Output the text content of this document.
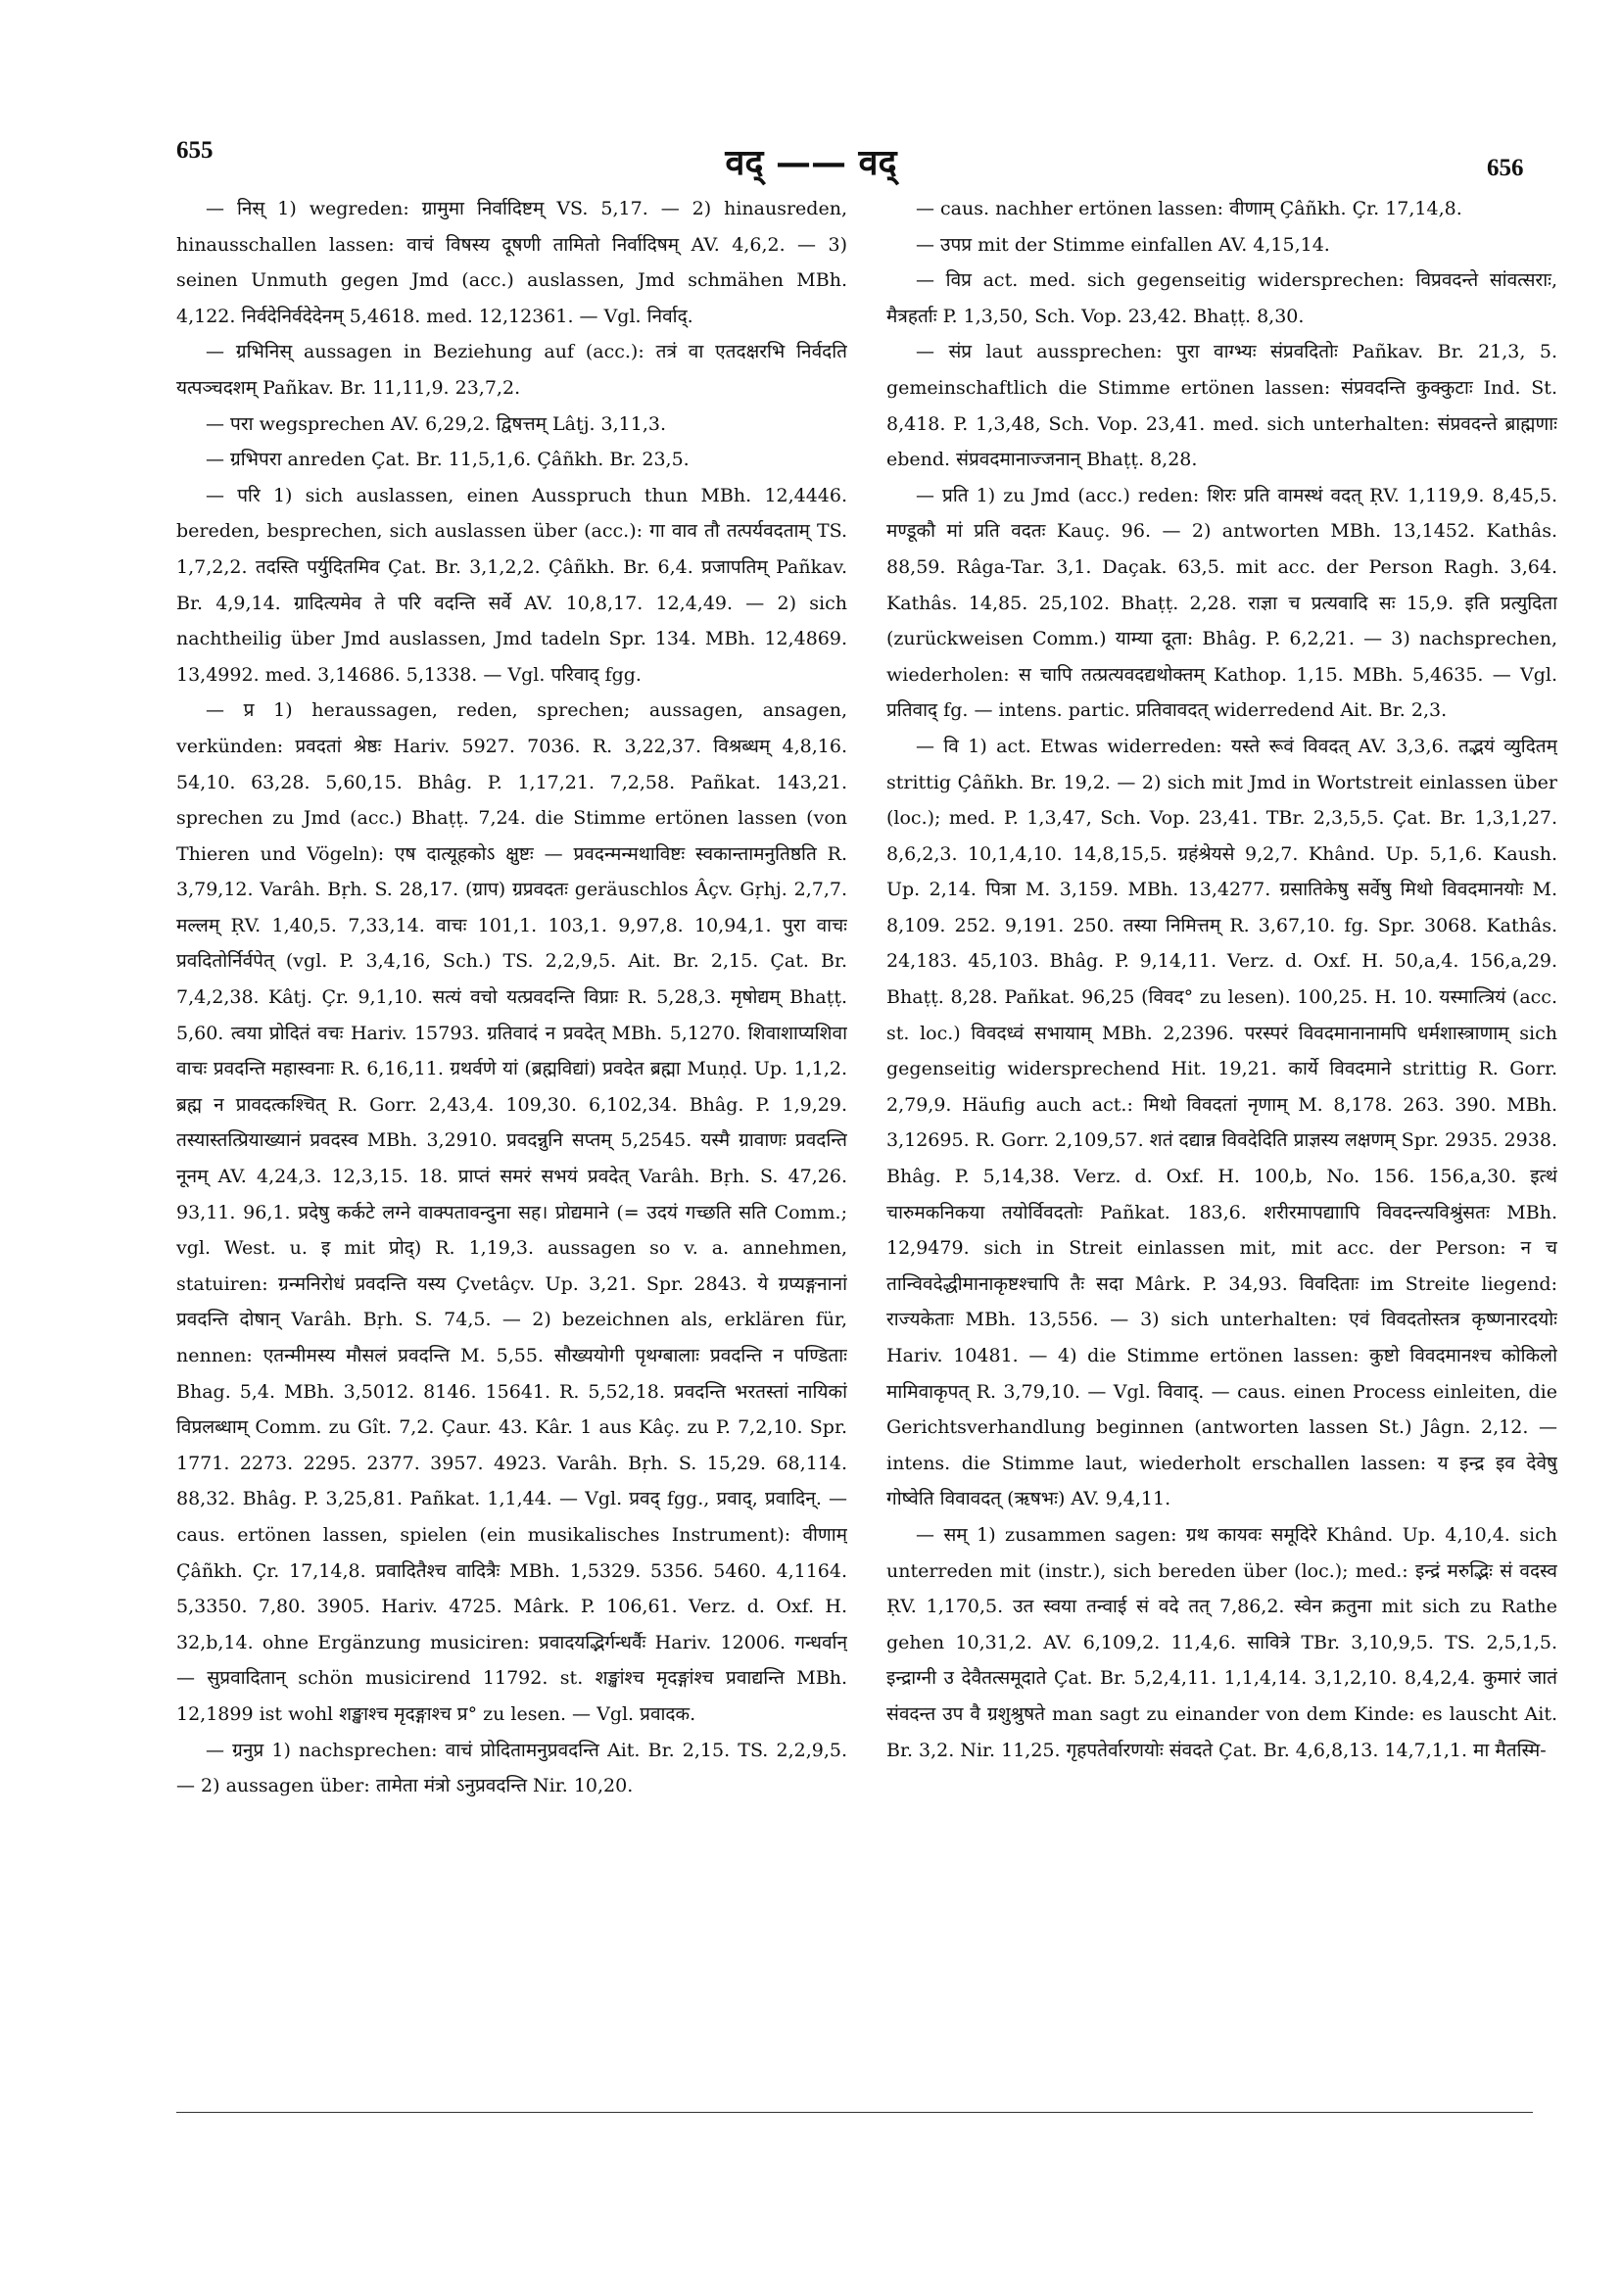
655	वद् —— वद्	656

— निस् 1) wegreden: ग्रामुमा निर्वादिष्टम् VS. 5,17. — 2) hinausreden, hinausschallen lassen: वाचं विषस्य दूषणी तामितो निर्वादिषम् AV. 4,6,2. — 3) seinen Unmuth gegen Jmd (acc.) auslassen, Jmd schmähen MBh. 4,122. निर्वदेनिर्वदेदेनम् 5,4618. med. 12,12361. — Vgl. निर्वाद्.

— ग्रभिनिस् aussagen in Beziehung auf (acc.): तत्रं वा एतदक्षरभि निर्वदति यत्पञ्चदशम् Pañkav. Br. 11,11,9. 23,7,2.

— परा wegsprechen AV. 6,29,2. द्विषत्तम् Lâṭj. 3,11,3.

— ग्रभिपरा anreden Çat. Br. 11,5,1,6. Çâñkh. Br. 23,5.

— परि 1) sich auslassen, einen Ausspruch thun MBh. 12,4446. bereden, besprechen, sich auslassen über (acc.): गा वाव तौ तत्पर्यवदताम् TS. 1,7,2,2. तदस्ति पर्युदितमिव Çat. Br. 3,1,2,2. Çâñkh. Br. 6,4. प्रजापतिम् Pañkav. Br. 4,9,14. ग्रादित्यमेव ते परि वदन्ति सर्वे AV. 10,8,17. 12,4,49. — 2) sich nachtheilig über Jmd auslassen, Jmd tadeln Spr. 134. MBh. 12,4869. 13,4992. med. 3,14686. 5,1338. — Vgl. परिवाद् fgg.

— प्र 1) heraussagen, reden, sprechen; aussagen, ansagen, verkünden: प्रवदतां श्रेष्ठः Hariv. 5927. 7036. R. 3,22,37. विश्रब्धम् 4,8,16. 54,10. 63,28. 5,60,15. Bhâg. P. 1,17,21. 7,2,58. Pañkat. 143,21. sprechen zu Jmd (acc.) Bhaṭṭ. 7,24. die Stimme ertönen lassen (von Thieren und Vögeln): एष दात्यूहकोऽ क्षुष्टः — प्रवदन्मन्मथाविष्टः स्वकान्तामनुतिष्ठति R. 3,79,12. Varâh. Bṛh. S. 28,17. (ग्राप) ग्रप्रवदतः geräuschlos Âçv. Gṛhj. 2,7,7. मल्लम् ṚV. 1,40,5. 7,33,14. वाचः 101,1. 103,1. 9,97,8. 10,94,1. पुरा वाचः प्रवदितोर्निर्वपेत् (vgl. P. 3,4,16, Sch.) TS. 2,2,9,5. Ait. Br. 2,15. Çat. Br. 7,4,2,38. Kâtj. Çr. 9,1,10. सत्यं वचो यत्प्रवदन्ति विप्राः R. 5,28,3. मृषोद्यम् Bhaṭṭ. 5,60. त्वया प्रोदितं वचः Hariv. 15793. ग्रतिवादं न प्रवदेत् MBh. 5,1270. शिवाशाप्यशिवा वाचः प्रवदन्ति महास्वनाः R. 6,16,11. ग्रथर्वणे यां (ब्रह्मविद्यां) प्रवदेत ब्रह्मा Muṇḍ. Up. 1,1,2. ब्रह्म न प्रावदत्कश्चित् R. Gorr. 2,43,4. 109,30. 6,102,34. Bhâg. P. 1,9,29. तस्यास्तत्प्रियाख्यानं प्रवदस्व MBh. 3,2910. प्रवदन्नुनि सप्तम् 5,2545. यस्मै ग्रावाणः प्रवदन्ति नूनम् AV. 4,24,3. 12,3,15. 18. प्राप्तं समरं सभयं प्रवदेत् Varâh. Bṛh. S. 47,26. 93,11. 96,1. प्रदेषु कर्कटे लग्ने वाक्पतावन्दुना सह। प्रोद्यमाने (= उदयं गच्छति सति Comm.; vgl. West. u. इ mit प्रोद्) R. 1,19,3. aussagen so v. a. annehmen, statuiren: ग्रन्मनिरोधं प्रवदन्ति यस्य Çvetâçv. Up. 3,21. Spr. 2843. ये ग्रप्यङ्गनानां प्रवदन्ति दोषान् Varâh. Bṛh. S. 74,5. — 2) bezeichnen als, erklären für, nennen: एतन्मीमस्य मौसलं प्रवदन्ति M. 5,55. सौख्ययोगी पृथग्बालाः प्रवदन्ति न पण्डिताः Bhag. 5,4. MBh. 3,5012. 8146. 15641. R. 5,52,18. प्रवदन्ति भरतस्तां नायिकां विप्रलब्धाम् Comm. zu Gît. 7,2. Çaur. 43. Kâr. 1 aus Kâç. zu P. 7,2,10. Spr. 1771. 2273. 2295. 2377. 3957. 4923. Varâh. Bṛh. S. 15,29. 68,114. 88,32. Bhâg. P. 3,25,81. Pañkat. 1,1,44. — Vgl. प्रवद् fgg., प्रवाद्, प्रवादिन्. — caus. ertönen lassen, spielen (ein musikalisches Instrument): वीणाम् Çâñkh. Çr. 17,14,8. प्रवादितैश्च वादित्रैः MBh. 1,5329. 5356. 5460. 4,1164. 5,3350. 7,80. 3905. Hariv. 4725. Mârk. P. 106,61. Verz. d. Oxf. H. 32,b,14. ohne Ergänzung musiciren: प्रवादयद्भिर्गन्धर्वैः Hariv. 12006. गन्धर्वान् — सुप्रवादितान् schön musicirend 11792. st. शङ्खांश्च मृदङ्गांश्च प्रवाद्यन्ति MBh. 12,1899 ist wohl शङ्खाश्च मृदङ्गाश्च प्र° zu lesen. — Vgl. प्रवादक.

— ग्रनुप्र 1) nachsprechen: वाचं प्रोदितामनुप्रवदन्ति Ait. Br. 2,15. TS. 2,2,9,5. — 2) aussagen über: तामेता मंत्रो ऽनुप्रवदन्ति Nir. 10,20.

— caus. nachher ertönen lassen: वीणाम् Çâñkh. Çr. 17,14,8.

— उपप्र mit der Stimme einfallen AV. 4,15,14.

— विप्र act. med. sich gegenseitig widersprechen: विप्रवदन्ते सांवत्सराः, मैत्रहर्ताः P. 1,3,50, Sch. Vop. 23,42. Bhaṭṭ. 8,30.

— संप्र laut aussprechen: पुरा वाग्भ्यः संप्रवदितोः Pañkav. Br. 21,3, 5. gemeinschaftlich die Stimme ertönen lassen: संप्रवदन्ति कुक्कुटाः Ind. St. 8,418. P. 1,3,48, Sch. Vop. 23,41. med. sich unterhalten: संप्रवदन्ते ब्राह्मणाः ebend. संप्रवदमानाज्जनान् Bhaṭṭ. 8,28.

— प्रति 1) zu Jmd (acc.) reden: शिरः प्रति वामस्थं वदत् ṚV. 1,119,9. 8,45,5. मण्डूकौ मां प्रति वदतः Kauç. 96. — 2) antworten MBh. 13,1452. Kathâs. 88,59. Râga-Tar. 3,1. Daçak. 63,5. mit acc. der Person Ragh. 3,64. Kathâs. 14,85. 25,102. Bhaṭṭ. 2,28. राज्ञा च प्रत्यवादि सः 15,9. इति प्रत्युदिता (zurückweisen Comm.) याम्या दूता: Bhâg. P. 6,2,21. — 3) nachsprechen, wiederholen: स चापि तत्प्रत्यवदद्यथोक्तम् Kathop. 1,15. MBh. 5,4635. — Vgl. प्रतिवाद् fg. — intens. partic. प्रतिवावदत् widerredend Ait. Br. 2,3.

— वि 1) act. Etwas widerreden: यस्ते रूवं विवदत् AV. 3,3,6. तद्भयं व्युदितम् strittig Çâñkh. Br. 19,2. — 2) sich mit Jmd in Wortstreit einlassen über (loc.); med. P. 1,3,47, Sch. Vop. 23,41. TBr. 2,3,5,5. Çat. Br. 1,3,1,27. 8,6,2,3. 10,1,4,10. 14,8,15,5. ग्रहंश्रेयसे 9,2,7. Khând. Up. 5,1,6. Kaush. Up. 2,14. पित्रा M. 3,159. MBh. 13,4277. ग्रसातिकेषु सर्वेषु मिथो विवदमानयोः M. 8,109. 252. 9,191. 250. तस्या निमित्तम् R. 3,67,10. fg. Spr. 3068. Kathâs. 24,183. 45,103. Bhâg. P. 9,14,11. Verz. d. Oxf. H. 50,a,4. 156,a,29. Bhaṭṭ. 8,28. Pañkat. 96,25 (विवद° zu lesen). 100,25. H. 10. यस्मात्त्रियं (acc. st. loc.) विवदध्वं सभायाम् MBh. 2,2396. परस्परं विवदमानानामपि धर्मशास्त्राणाम् sich gegenseitig widersprechend Hit. 19,21. कार्ये विवदमाने strittig R. Gorr. 2,79,9. Häufig auch act.: मिथो विवदतां नृणाम् M. 8,178. 263. 390. MBh. 3,12695. R. Gorr. 2,109,57. शतं दद्यान्न विवदेदिति प्राज्ञस्य लक्षणम् Spr. 2935. 2938. Bhâg. P. 5,14,38. Verz. d. Oxf. H. 100,b, No. 156. 156,a,30. इत्थं चारुमकनिकया तयोर्विवदतोः Pañkat. 183,6. शरीरमापद्याापि विवदन्त्यविश्रुंसतः MBh. 12,9479. sich in Streit einlassen mit, mit acc. der Person: न च तान्विवदेद्धीमानाकृष्टश्चापि तैः सदा Mârk. P. 34,93. विवदिताः im Streite liegend: राज्यकेताः MBh. 13,556. — 3) sich unterhalten: एवं विवदतोस्तत्र कृष्णनारदयोः Hariv. 10481. — 4) die Stimme ertönen lassen: कुष्टो विवदमानश्च कोकिलो मामिवाकृपत् R. 3,79,10. — Vgl. विवाद्. — caus. einen Process einleiten, die Gerichtsverhandlung beginnen (antworten lassen St.) Jâgn. 2,12. — intens. die Stimme laut, wiederholt erschallen lassen: य इन्द्र इव देवेषु गोष्वेति विवावदत् (ऋषभः) AV. 9,4,11.

— सम् 1) zusammen sagen: ग्रथ कायवः समूदिरे Khând. Up. 4,10,4. sich unterreden mit (instr.), sich bereden über (loc.); med.: इन्द्रं मरुद्भिः सं वदस्व ṚV. 1,170,5. उत स्वया तन्वाई सं वदे तत् 7,86,2. स्वेन क्रतुना mit sich zu Rathe gehen 10,31,2. AV. 6,109,2. 11,4,6. सावित्रे TBr. 3,10,9,5. TS. 2,5,1,5. इन्द्राग्नी उ देवैतत्समूदाते Çat. Br. 5,2,4,11. 1,1,4,14. 3,1,2,10. 8,4,2,4. कुमारं जातं संवदन्त उप वै ग्रशुश्रुषते man sagt zu einander von dem Kinde: es lauscht Ait. Br. 3,2. Nir. 11,25. गृहपतेर्वारणयोः संवदते Çat. Br. 4,6,8,13. 14,7,1,1. मा मैतस्मि-
